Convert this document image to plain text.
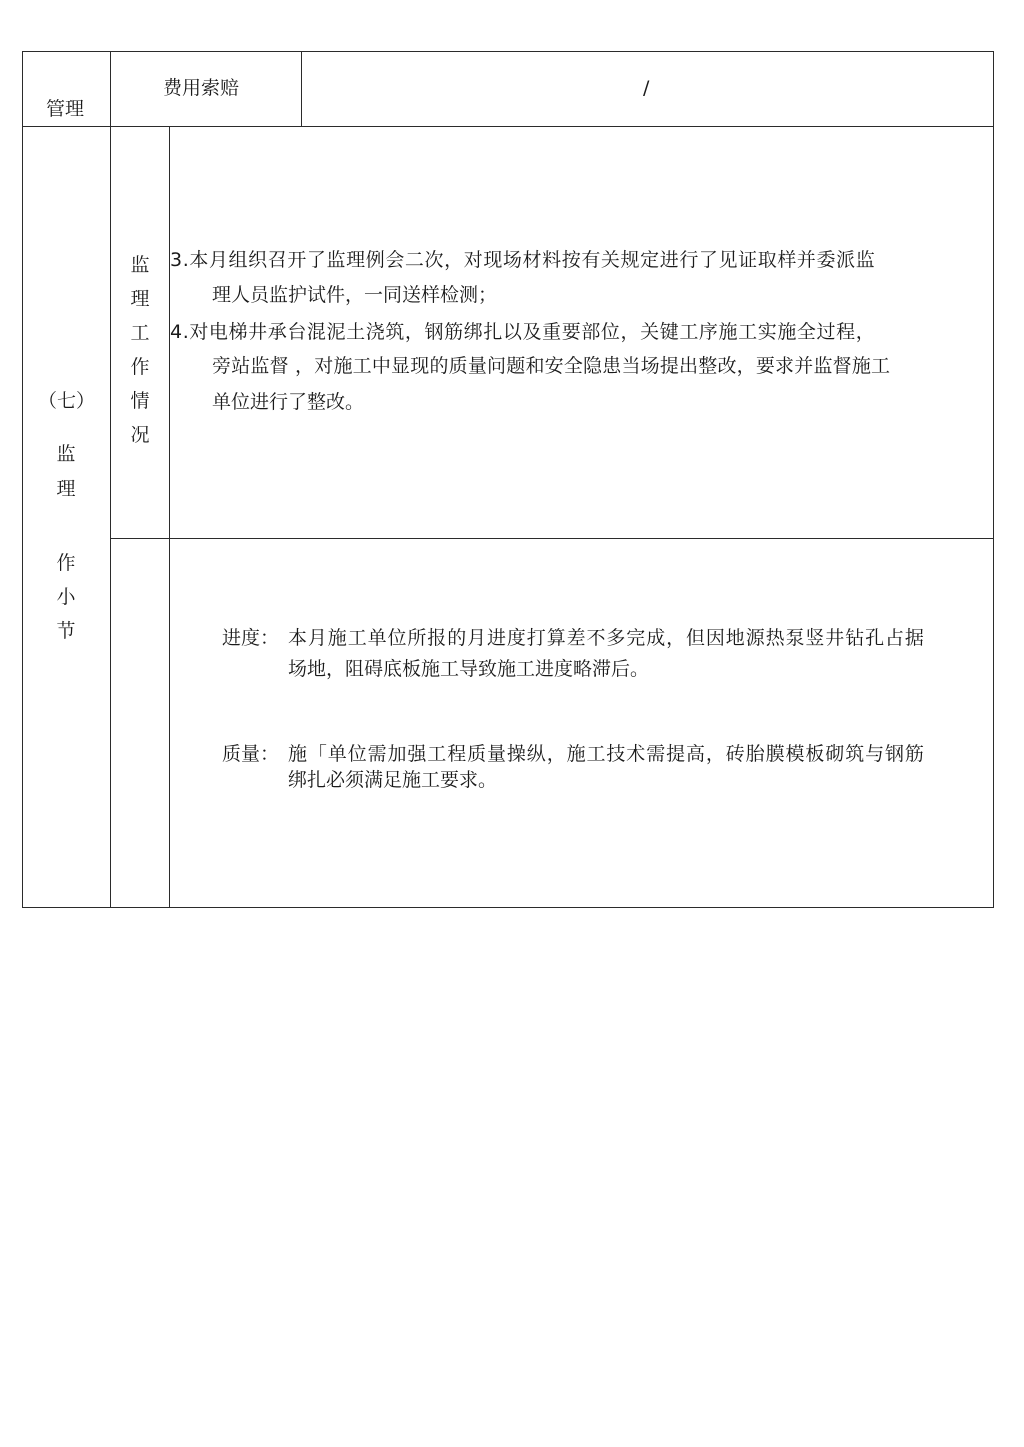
管理
费用索赔	/
（七）
监
理
作
小
节
监
理
工
作
情
况
3.本月组织召开了监理例会二次，对现场材料按有关规定进行了见证取样并委派监
理人员监护试件，一同送样检测；
4.对电梯井承台混泥土浇筑，钢筋绑扎以及重要部位，关键工序施工实施全过程，
旁站监督 ，对施工中显现的质量问题和安全隐患当场提出整改，要求并监督施工
单位进行了整改。
进度： 本月施工单位所报的月进度打算差不多完成，但因地源热泵竖井钻孔占据
场地，阻碍底板施工导致施工进度略滞后。
质量： 施「单位需加强工程质量操纵，施工技术需提高，砖胎膜模板砌筑与钢筋
绑扎必须满足施工要求。
